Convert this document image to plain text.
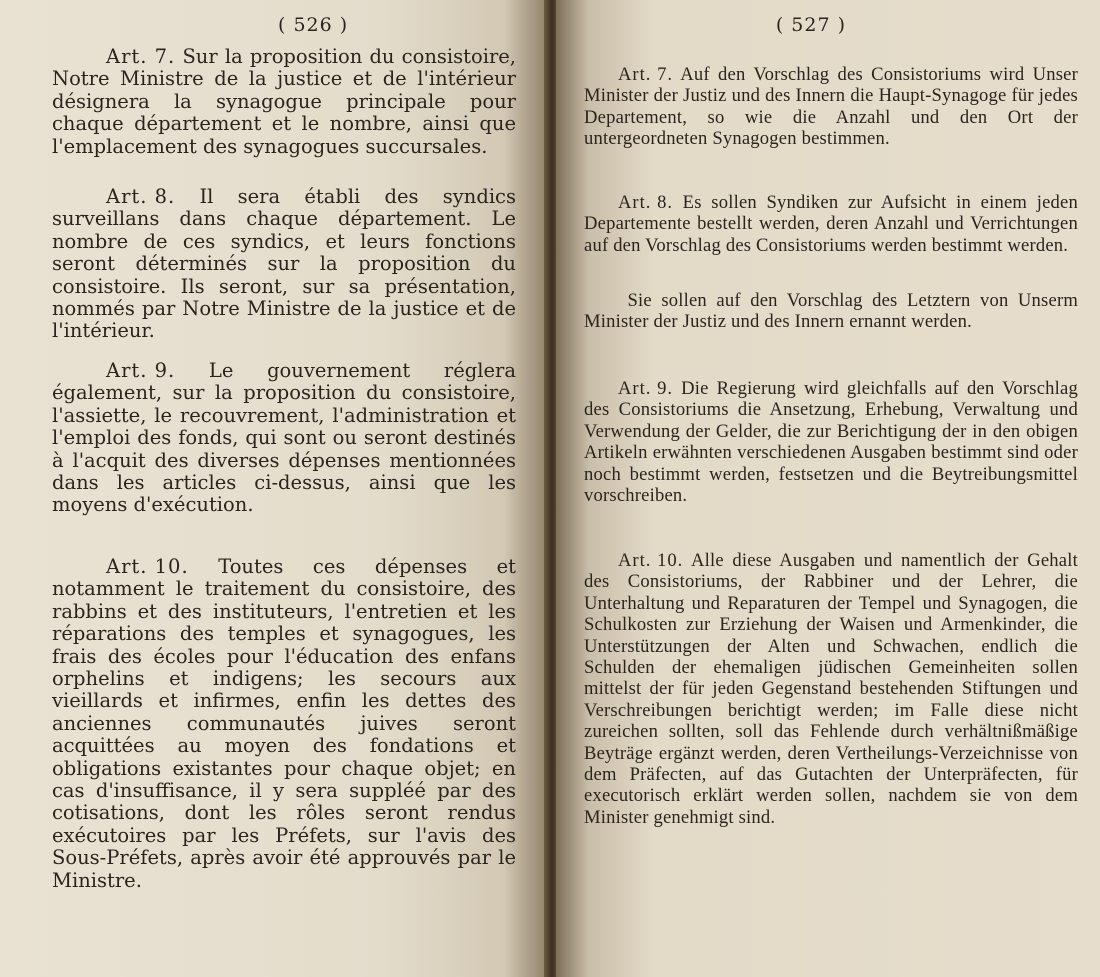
( 526 )
Art. 7. Sur la proposition du consistoire, Notre Ministre de la justice et de l'intérieur désignera la synagogue principale pour chaque département et le nombre, ainsi que l'emplacement des synagogues succursales.
Art. 8. Il sera établi des syndics surveillans dans chaque département. Le nombre de ces syndics, et leurs fonctions seront déterminés sur la proposition du consistoire. Ils seront, sur sa présentation, nommés par Notre Ministre de la justice et de l'intérieur.
Art. 9. Le gouvernement réglera également, sur la proposition du consistoire, l'assiette, le recouvrement, l'administration et l'emploi des fonds, qui sont ou seront destinés à l'acquit des diverses dépenses mentionnées dans les articles ci-dessus, ainsi que les moyens d'exécution.
Art. 10. Toutes ces dépenses et notamment le traitement du consistoire, des rabbins et des instituteurs, l'entretien et les réparations des temples et synagogues, les frais des écoles pour l'éducation des enfans orphelins et indigens; les secours aux vieillards et infirmes, enfin les dettes des anciennes communautés juives seront acquittées au moyen des fondations et obligations existantes pour chaque objet; en cas d'insuffisance, il y sera suppléé par des cotisations, dont les rôles seront rendus exécutoires par les Préfets, sur l'avis des Sous-Préfets, après avoir été approuvés par le Ministre.
( 527 )
Art. 7. Auf den Vorschlag des Consistoriums wird Unser Minister der Justiz und des Innern die Haupt-Synagoge für jedes Departement, so wie die Anzahl und den Ort der untergeordneten Synagogen bestimmen.
Art. 8. Es sollen Syndiken zur Aufsicht in einem jeden Departemente bestellt werden, deren Anzahl und Verrichtungen auf den Vorschlag des Consistoriums werden bestimmt werden.
Sie sollen auf den Vorschlag des Letztern von Unserm Minister der Justiz und des Innern ernannt werden.
Art. 9. Die Regierung wird gleichfalls auf den Vorschlag des Consistoriums die Ansetzung, Erhebung, Verwaltung und Verwendung der Gelder, die zur Berichtigung der in den obigen Artikeln erwähnten verschiedenen Ausgaben bestimmt sind oder noch bestimmt werden, festsetzen und die Beytreibungsmittel vorschreiben.
Art. 10. Alle diese Ausgaben und namentlich der Gehalt des Consistoriums, der Rabbiner und der Lehrer, die Unterhaltung und Reparaturen der Tempel und Synagogen, die Schulkosten zur Erziehung der Waisen und Armenkinder, die Unterstützungen der Alten und Schwachen, endlich die Schulden der ehemaligen jüdischen Gemeinheiten sollen mittelst der für jeden Gegenstand bestehenden Stiftungen und Verschreibungen berichtigt werden; im Falle diese nicht zureichen sollten, soll das Fehlende durch verhältnißmäßige Beyträge ergänzt werden, deren Vertheilungs-Verzeichnisse von dem Präfecten, auf das Gutachten der Unterpräfecten, für executorisch erklärt werden sollen, nachdem sie von dem Minister genehmigt sind.
